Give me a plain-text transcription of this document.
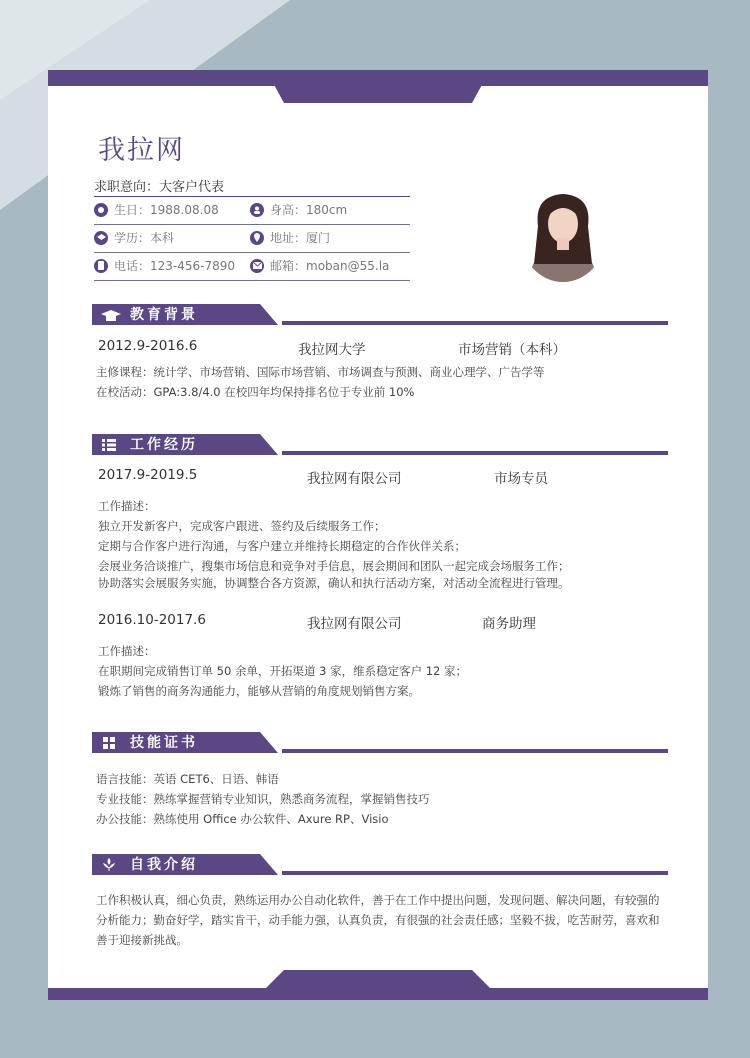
我拉网
求职意向：大客户代表
生日：1988.08.08	身高：180cm
学历：本科	地址：厦门
电话：123-456-7890	邮箱：moban@55.la
教育背景
2012.9-2016.6	我拉网大学	市场营销（本科）
主修课程：统计学、市场营销、国际市场营销、市场调查与预测、商业心理学、广告学等
在校活动：GPA:3.8/4.0 在校四年均保持排名位于专业前 10%
工作经历
2017.9-2019.5	我拉网有限公司	市场专员
工作描述：
独立开发新客户，完成客户跟进、签约及后续服务工作；
定期与合作客户进行沟通，与客户建立并维持长期稳定的合作伙伴关系；
会展业务洽谈推广，搜集市场信息和竞争对手信息，展会期间和团队一起完成会场服务工作；
协助落实会展服务实施，协调整合各方资源，确认和执行活动方案，对活动全流程进行管理。
2016.10-2017.6	我拉网有限公司	商务助理
工作描述：
在职期间完成销售订单 50 余单，开拓渠道 3 家，维系稳定客户 12 家；
锻炼了销售的商务沟通能力，能够从营销的角度规划销售方案。
技能证书
语言技能：英语 CET6、日语、韩语
专业技能：熟练掌握营销专业知识，熟悉商务流程，掌握销售技巧
办公技能：熟练使用 Office 办公软件、Axure RP、Visio
自我介绍
工作积极认真，细心负责，熟练运用办公自动化软件，善于在工作中提出问题，发现问题、解决问题，有较强的
分析能力；勤奋好学，踏实肯干，动手能力强，认真负责，有很强的社会责任感；坚毅不拔，吃苦耐劳，喜欢和
善于迎接新挑战。
